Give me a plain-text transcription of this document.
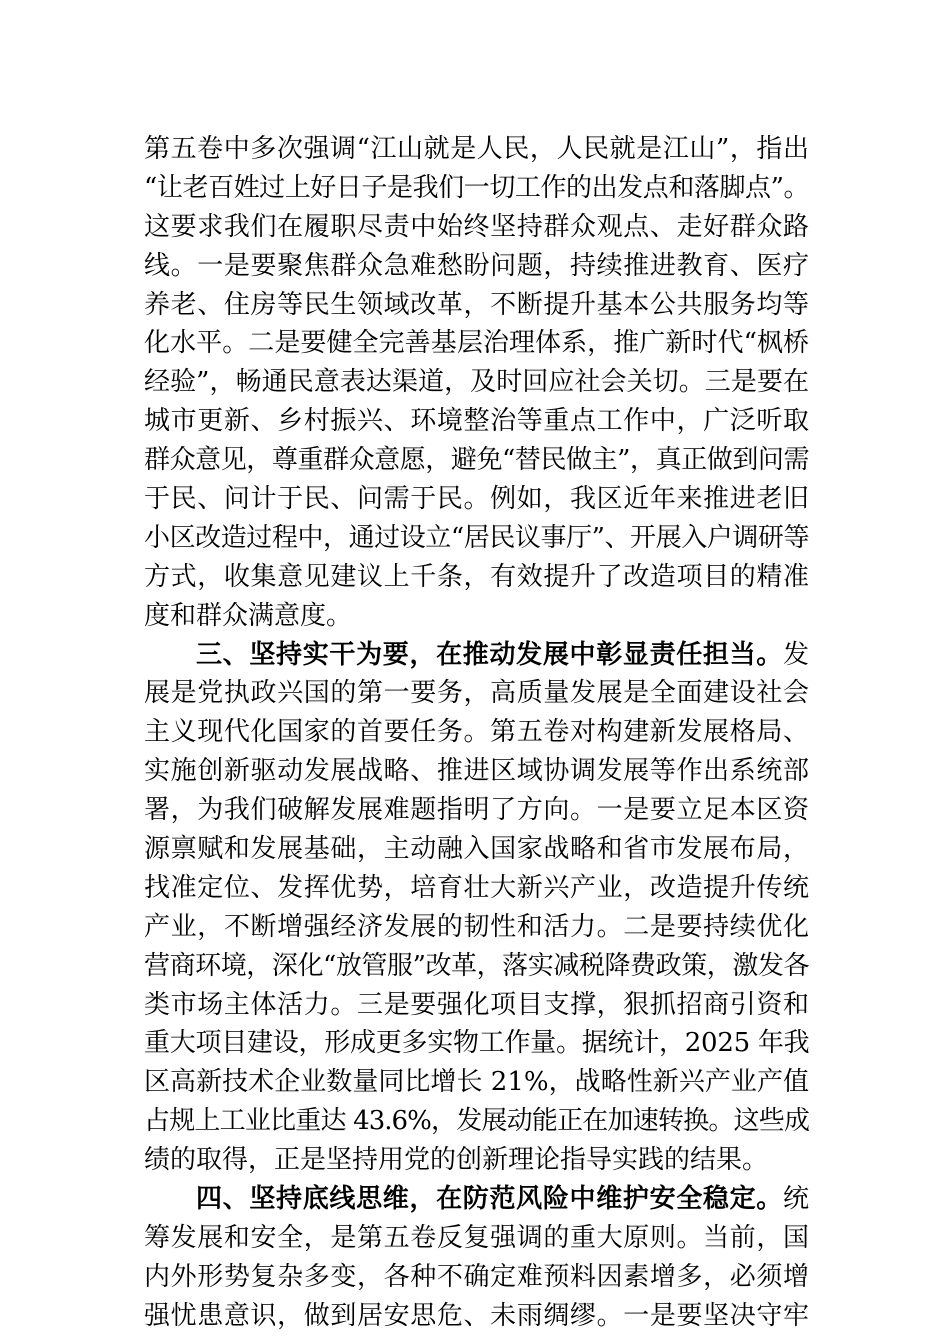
第五卷中多次强调“江山就是人民，人民就是江山”，指出
“让老百姓过上好日子是我们一切工作的出发点和落脚点”。
这要求我们在履职尽责中始终坚持群众观点、走好群众路
线。一是要聚焦群众急难愁盼问题，持续推进教育、医疗
养老、住房等民生领域改革，不断提升基本公共服务均等
化水平。二是要健全完善基层治理体系，推广新时代“枫桥
经验”，畅通民意表达渠道，及时回应社会关切。三是要在
城市更新、乡村振兴、环境整治等重点工作中，广泛听取
群众意见，尊重群众意愿，避免“替民做主”，真正做到问需
于民、问计于民、问需于民。例如，我区近年来推进老旧
小区改造过程中，通过设立“居民议事厅”、开展入户调研等
方式，收集意见建议上千条，有效提升了改造项目的精准
度和群众满意度。
三、坚持实干为要，在推动发展中彰显责任担当。发
展是党执政兴国的第一要务，高质量发展是全面建设社会
主义现代化国家的首要任务。第五卷对构建新发展格局、
实施创新驱动发展战略、推进区域协调发展等作出系统部
署，为我们破解发展难题指明了方向。一是要立足本区资
源禀赋和发展基础，主动融入国家战略和省市发展布局，
找准定位、发挥优势，培育壮大新兴产业，改造提升传统
产业，不断增强经济发展的韧性和活力。二是要持续优化
营商环境，深化“放管服”改革，落实减税降费政策，激发各
类市场主体活力。三是要强化项目支撑，狠抓招商引资和
重大项目建设，形成更多实物工作量。据统计，2025 年我
区高新技术企业数量同比增长 21%，战略性新兴产业产值
占规上工业比重达 43.6%，发展动能正在加速转换。这些成
绩的取得，正是坚持用党的创新理论指导实践的结果。
四、坚持底线思维，在防范风险中维护安全稳定。统
筹发展和安全，是第五卷反复强调的重大原则。当前，国
内外形势复杂多变，各种不确定难预料因素增多，必须增
强忧患意识，做到居安思危、未雨绸缪。一是要坚决守牢
